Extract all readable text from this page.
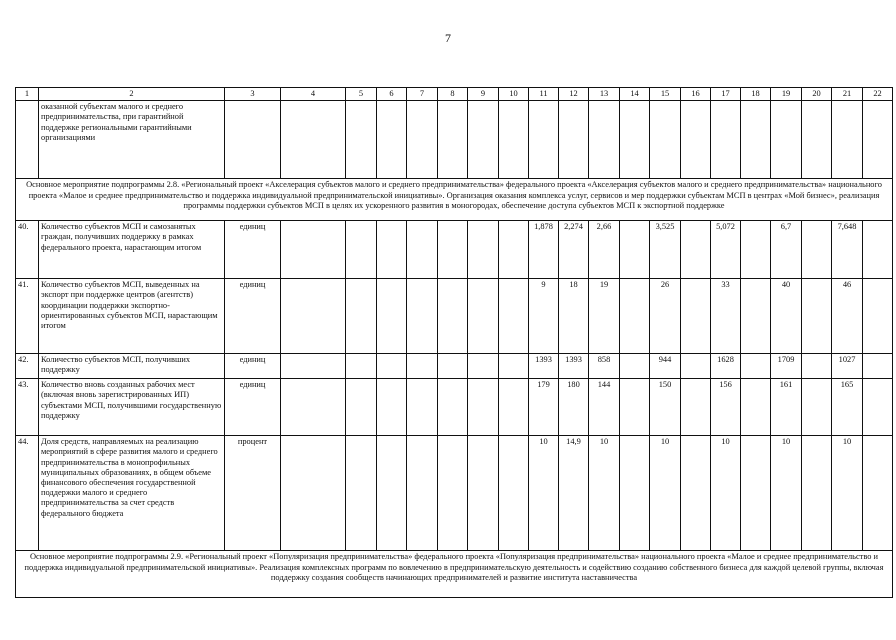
7
1	2	3	4	5	6	7	8	9	10	11	12	13	14	15	16	17	18	19	20	21	22
	оказанной субъектам малого и среднего предпринимательства, при гарантийной поддержке региональными гарантийными организациями																				
Основное мероприятие подпрограммы 2.8. «Региональный проект «Акселерация субъектов малого и среднего предпринимательства» федерального проекта «Акселерация субъектов малого и среднего предпринимательства» национального проекта «Малое и среднее предпринимательство и поддержка индивидуальной предпринимательской инициативы». Организация оказания комплекса услуг, сервисов и мер поддержки субъектам МСП в центрах «Мой бизнес», реализация программы поддержки субъектов МСП в целях их ускоренного развития в моногородах, обеспечение доступа субъектов МСП к экспортной поддержке																					
40.	Количество субъектов МСП и самозанятых граждан, получивших поддержку в рамках федерального проекта, нарастающим итогом	единиц								1,878	2,274	2,66		3,525		5,072		6,7		7,648	
41.	Количество субъектов МСП, выведенных на экспорт при поддержке центров (агентств) координации поддержки экспортно-ориентированных субъектов МСП, нарастающим итогом	единиц								9	18	19		26		33		40		46	
42.	Количество субъектов МСП, получивших поддержку	единиц								1393	1393	858		944		1628		1709		1027	
43.	Количество вновь созданных рабочих мест (включая вновь зарегистрированных ИП) субъектами МСП, получившими государственную поддержку	единиц								179	180	144		150		156		161		165	
44.	Доля средств, направляемых на реализацию мероприятий в сфере развития малого и среднего предпринимательства в монопрофильных муниципальных образованиях, в общем объеме финансового обеспечения государственной поддержки малого и среднего предпринимательства за счет средств федерального бюджета	процент								10	14,9	10		10		10		10		10	
Основное мероприятие подпрограммы 2.9. «Региональный проект «Популяризация предпринимательства» федерального проекта «Популяризация предпринимательства» национального проекта «Малое и среднее предпринимательство и поддержка индивидуальной предпринимательской инициативы». Реализация комплексных программ по вовлечению в предпринимательскую деятельность и содействию созданию собственного бизнеса для каждой целевой группы, включая поддержку создания сообществ начинающих предпринимателей и развитие института наставничества																					
